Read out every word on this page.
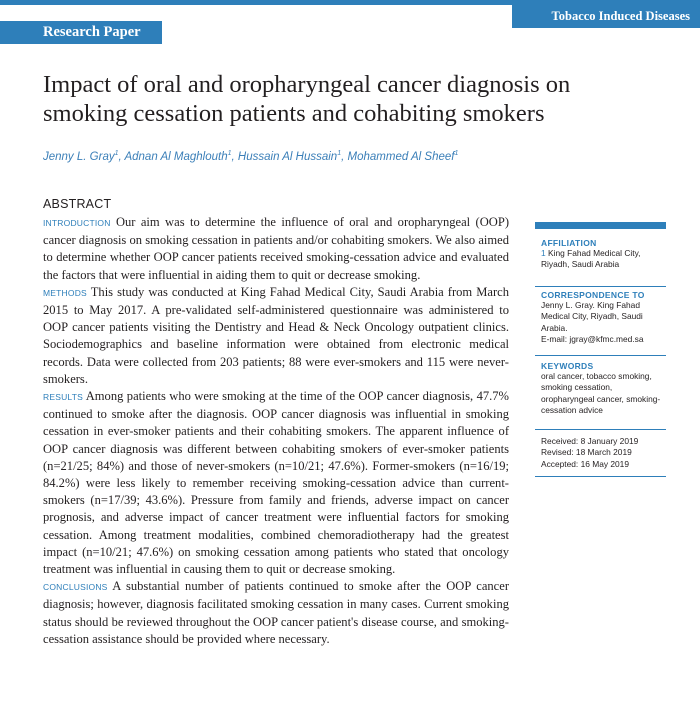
Tobacco Induced Diseases
Research Paper
Impact of oral and oropharyngeal cancer diagnosis on
smoking cessation patients and cohabiting smokers
Jenny L. Gray$^1$, Adnan Al Maghlouth$^1$, Hussain Al Hussain$^1$, Mohammed Al Sheef$^1$
ABSTRACT

INTRODUCTION Our aim was to determine the influence of oral and oropharyngeal (OOP) cancer diagnosis on smoking cessation in patients and/or cohabiting smokers. We also aimed to determine whether OOP cancer patients received smoking-cessation advice and evaluated the factors that were influential in aiding them to quit or decrease smoking.

METHODS This study was conducted at King Fahad Medical City, Saudi Arabia from March 2015 to May 2017. A pre-validated self-administered questionnaire was administered to OOP cancer patients visiting the Dentistry and Head & Neck Oncology outpatient clinics. Sociodemographics and baseline information were obtained from electronic medical records. Data were collected from 203 patients; 88 were ever-smokers and 115 were never-smokers.

RESULTS Among patients who were smoking at the time of the OOP cancer diagnosis, 47.7% continued to smoke after the diagnosis. OOP cancer diagnosis was influential in smoking cessation in ever-smoker patients and their cohabiting smokers. The apparent influence of OOP cancer diagnosis was different between cohabiting smokers of ever-smoker patients (n=21/25; 84%) and those of never-smokers (n=10/21; 47.6%). Former-smokers (n=16/19; 84.2%) were less likely to remember receiving smoking-cessation advice than current-smokers (n=17/39; 43.6%). Pressure from family and friends, adverse impact on cancer prognosis, and adverse impact of cancer treatment were influential factors for smoking cessation. Among treatment modalities, combined chemoradiotherapy had the greatest impact (n=10/21; 47.6%) on smoking cessation among patients who stated that oncology treatment was influential in causing them to quit or decrease smoking.

CONCLUSIONS A substantial number of patients continued to smoke after the OOP cancer diagnosis; however, diagnosis facilitated smoking cessation in many cases. Current smoking status should be reviewed throughout the OOP cancer patient's disease course, and smoking-cessation assistance should be provided where necessary.

AFFILIATION
1 King Fahad Medical City, Riyadh, Saudi Arabia
CORRESPONDENCE TO
Jenny L. Gray. King Fahad Medical City, Riyadh, Saudi Arabia.
E-mail: jgray@kfmc.med.sa
KEYWORDS
oral cancer, tobacco smoking, smoking cessation, oropharyngeal cancer, smoking-cessation advice
Received: 8 January 2019
Revised: 18 March 2019
Accepted: 16 May 2019
